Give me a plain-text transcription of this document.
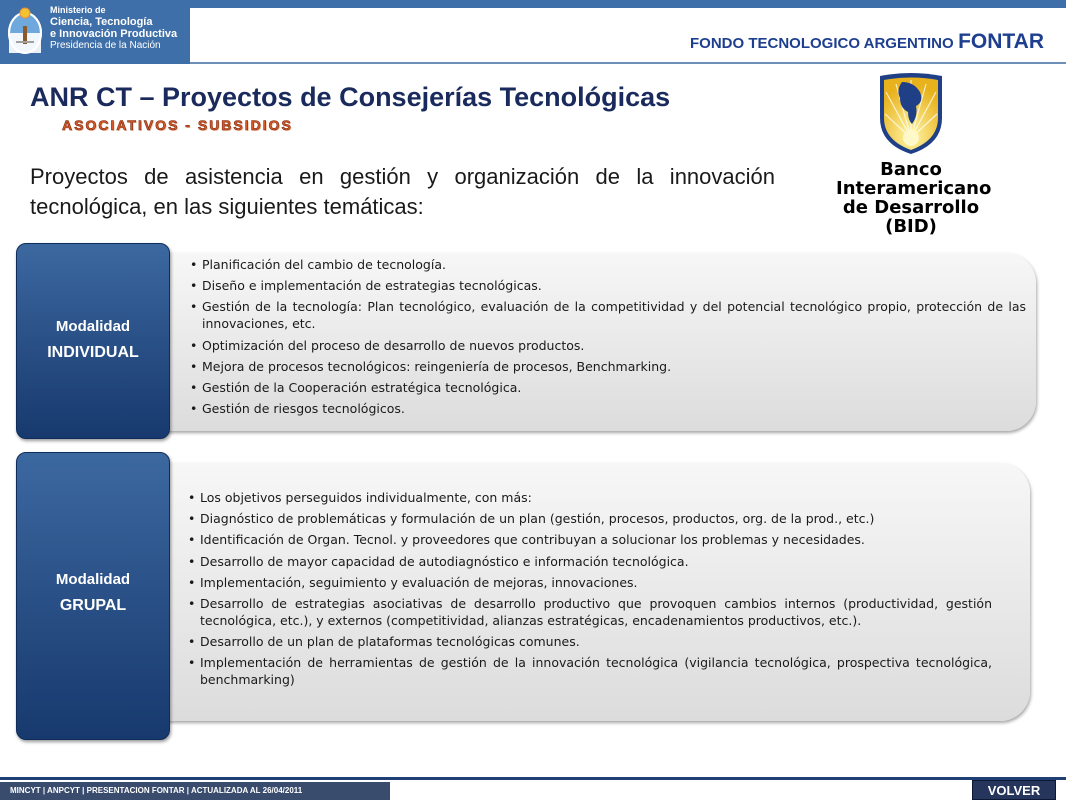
Ministerio de
Ciencia, Tecnología
e Innovación Productiva
Presidencia de la Nación	FONDO TECNOLOGICO ARGENTINO FONTAR
ANR CT – Proyectos de Consejerías Tecnológicas
ASOCIATIVOS - SUBSIDIOS

Proyectos de asistencia en gestión y organización de la innovación tecnológica, en las siguientes temáticas:

Banco
Interamericano
de Desarrollo
(BID)
Modalidad
INDIVIDUAL
• Planificación del cambio de tecnología.
• Diseño e implementación de estrategias tecnológicas.
• Gestión de la tecnología: Plan tecnológico, evaluación de la competitividad y del potencial tecnológico propio, protección de las innovaciones, etc.
• Optimización del proceso de desarrollo de nuevos productos.
• Mejora de procesos tecnológicos: reingeniería de procesos, Benchmarking.
• Gestión de la Cooperación estratégica tecnológica.
• Gestión de riesgos tecnológicos.
Modalidad
GRUPAL
• Los objetivos perseguidos individualmente, con más:
• Diagnóstico de problemáticas y formulación de un plan (gestión, procesos, productos, org. de la prod., etc.)
• Identificación de Organ. Tecnol. y proveedores que contribuyan a solucionar los problemas y necesidades.
• Desarrollo de mayor capacidad de autodiagnóstico e información tecnológica.
• Implementación, seguimiento y evaluación de mejoras, innovaciones.
• Desarrollo de estrategias asociativas de desarrollo productivo que provoquen cambios internos (productividad, gestión tecnológica, etc.), y externos (competitividad, alianzas estratégicas, encadenamientos productivos, etc.).
• Desarrollo de un plan de plataformas tecnológicas comunes.
• Implementación de herramientas de gestión de la innovación tecnológica (vigilancia tecnológica, prospectiva tecnológica, benchmarking)
MINCYT | ANPCYT | PRESENTACION FONTAR | ACTUALIZADA AL 26/04/2011	VOLVER
